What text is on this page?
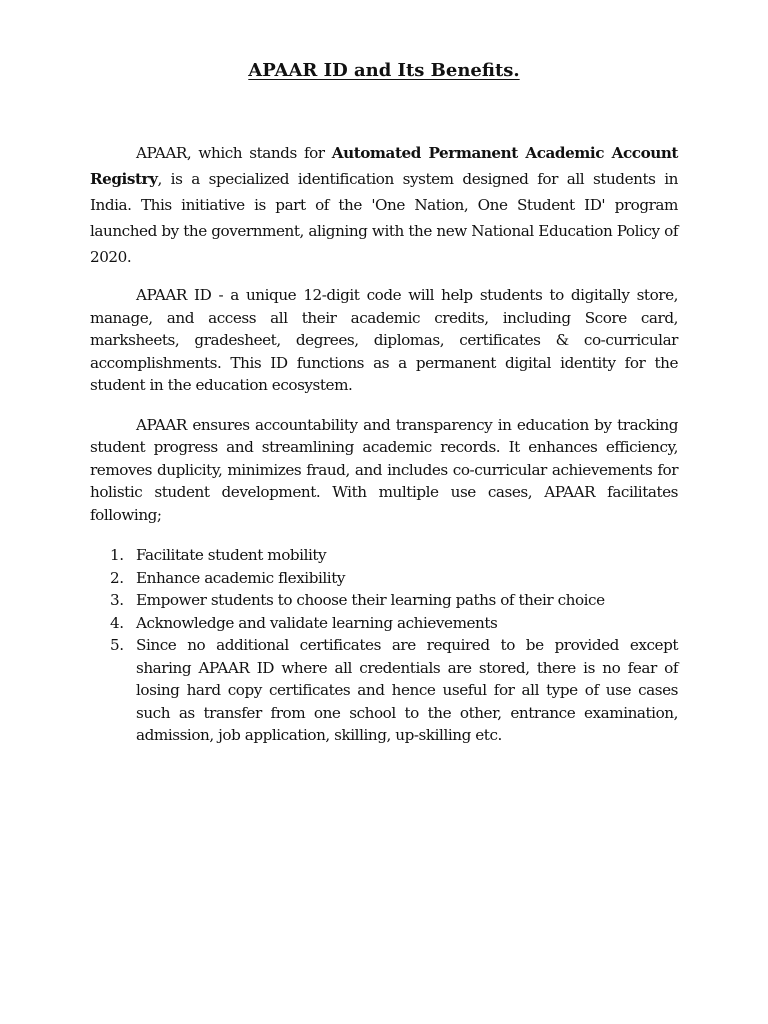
APAAR ID and Its Benefits.

APAAR, which stands for Automated Permanent Academic Account Registry, is a specialized identification system designed for all students in India. This initiative is part of the 'One Nation, One Student ID' program launched by the government, aligning with the new National Education Policy of 2020.

APAAR ID - a unique 12-digit code will help students to digitally store, manage, and access all their academic credits, including Score card, marksheets, gradesheet, degrees, diplomas, certificates & co-curricular accomplishments. This ID functions as a permanent digital identity for the student in the education ecosystem.

APAAR ensures accountability and transparency in education by tracking student progress and streamlining academic records. It enhances efficiency, removes duplicity, minimizes fraud, and includes co-curricular achievements for holistic student development. With multiple use cases, APAAR facilitates following;

1. Facilitate student mobility
2. Enhance academic flexibility
3. Empower students to choose their learning paths of their choice
4. Acknowledge and validate learning achievements
5. Since no additional certificates are required to be provided except sharing APAAR ID where all credentials are stored, there is no fear of losing hard copy certificates and hence useful for all type of use cases such as transfer from one school to the other, entrance examination, admission, job application, skilling, up-skilling etc.
